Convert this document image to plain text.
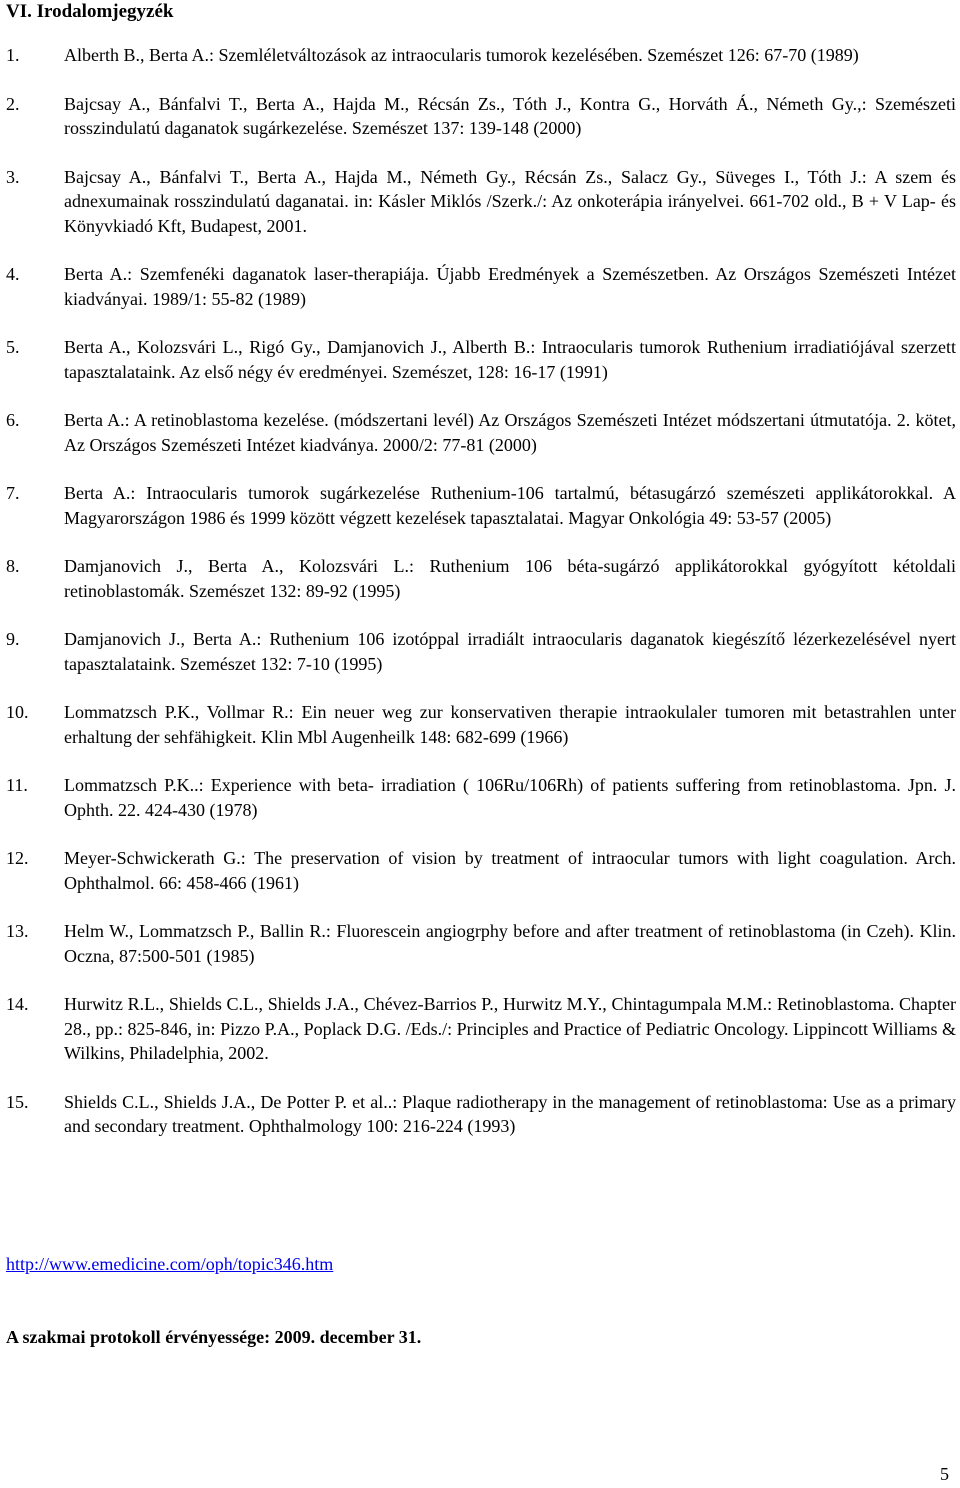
VI. Irodalomjegyzék
1.	Alberth B., Berta A.: Szemléletváltozások az intraocularis tumorok kezelésében. Szemészet 126: 67-70 (1989)
2.	Bajcsay A., Bánfalvi T., Berta A., Hajda M., Récsán Zs., Tóth J., Kontra G., Horváth Á., Németh Gy.,: Szemészeti rosszindulatú daganatok sugárkezelése. Szemészet 137: 139-148 (2000)
3.	Bajcsay A., Bánfalvi T., Berta A., Hajda M., Németh Gy., Récsán Zs., Salacz Gy., Süveges I., Tóth J.: A szem és adnexumainak rosszindulatú daganatai. in: Kásler Miklós /Szerk./: Az onkoterápia irányelvei. 661-702 old., B + V Lap- és Könyvkiadó Kft, Budapest, 2001.
4.	Berta A.: Szemfenéki daganatok laser-therapiája. Újabb Eredmények a Szemészetben. Az Országos Szemészeti Intézet kiadványai. 1989/1: 55-82 (1989)
5.	Berta A., Kolozsvári L., Rigó Gy., Damjanovich J., Alberth B.: Intraocularis tumorok Ruthenium irradiatiójával szerzett tapasztalataink. Az első négy év eredményei. Szemészet, 128: 16-17 (1991)
6.	Berta A.: A retinoblastoma kezelése. (módszertani levél) Az Országos Szemészeti Intézet módszertani útmutatója. 2. kötet, Az Országos Szemészeti Intézet kiadványa. 2000/2: 77-81 (2000)
7.	Berta A.: Intraocularis tumorok sugárkezelése Ruthenium-106 tartalmú, bétasugárzó szemészeti applikátorokkal. A Magyarországon 1986 és 1999 között végzett kezelések tapasztalatai. Magyar Onkológia 49: 53-57 (2005)
8.	Damjanovich J., Berta A., Kolozsvári L.: Ruthenium 106 béta-sugárzó applikátorokkal gyógyított kétoldali retinoblastomák. Szemészet 132: 89-92 (1995)
9.	Damjanovich J., Berta A.: Ruthenium 106 izotóppal irradiált intraocularis daganatok kiegészítő lézerkezelésével nyert tapasztalataink. Szemészet 132: 7-10 (1995)
10.	Lommatzsch P.K., Vollmar R.: Ein neuer weg zur konservativen therapie intraokulaler tumoren mit betastrahlen unter erhaltung der sehfähigkeit. Klin Mbl Augenheilk 148: 682-699 (1966)
11.	Lommatzsch P.K..: Experience with beta- irradiation ( 106Ru/106Rh) of patients suffering from retinoblastoma. Jpn. J. Ophth. 22. 424-430 (1978)
12.	Meyer-Schwickerath G.: The preservation of vision by treatment of intraocular tumors with light coagulation. Arch. Ophthalmol. 66: 458-466 (1961)
13.	Helm W., Lommatzsch P., Ballin R.: Fluorescein angiogrphy before and after treatment of retinoblastoma (in Czeh). Klin. Oczna, 87:500-501 (1985)
14.	Hurwitz R.L., Shields C.L., Shields J.A., Chévez-Barrios P., Hurwitz M.Y., Chintagumpala M.M.: Retinoblastoma. Chapter 28., pp.: 825-846, in: Pizzo P.A., Poplack D.G. /Eds./: Principles and Practice of Pediatric Oncology. Lippincott Williams & Wilkins, Philadelphia, 2002.
15.	Shields C.L., Shields J.A., De Potter P. et al..: Plaque radiotherapy in the management of retinoblastoma: Use as a primary and secondary treatment. Ophthalmology 100: 216-224 (1993)
http://www.emedicine.com/oph/topic346.htm
A szakmai protokoll érvényessége: 2009. december 31.
5
